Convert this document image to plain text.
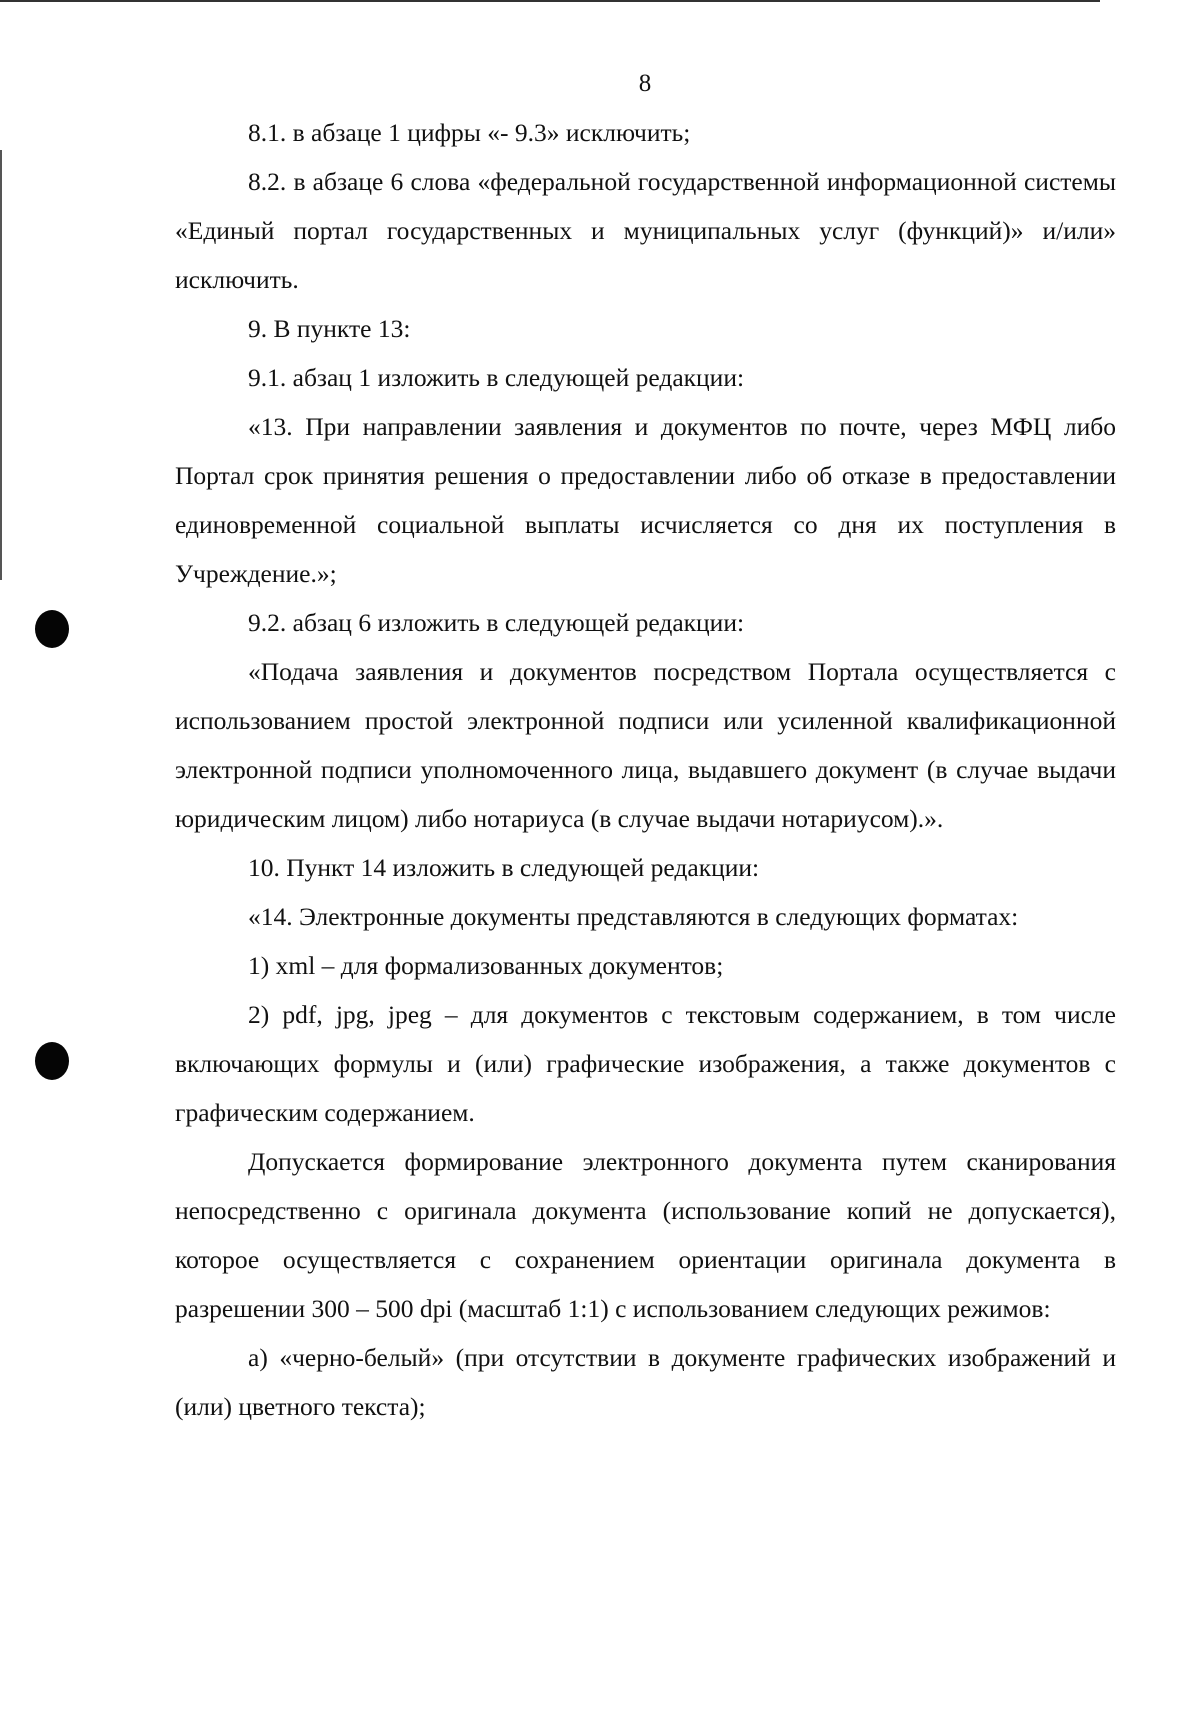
8

8.1. в абзаце 1 цифры «- 9.3» исключить;

8.2. в абзаце 6 слова «федеральной государственной информационной системы «Единый портал государственных и муниципальных услуг (функций)» и/или» исключить.

9. В пункте 13:

9.1. абзац 1 изложить в следующей редакции:

«13. При направлении заявления и документов по почте, через МФЦ либо Портал срок принятия решения о предоставлении либо об отказе в предоставлении единовременной социальной выплаты исчисляется со дня их поступления в Учреждение.»;

9.2. абзац 6 изложить в следующей редакции:

«Подача заявления и документов посредством Портала осуществляется с использованием простой электронной подписи или усиленной квалификационной электронной подписи уполномоченного лица, выдавшего документ (в случае выдачи юридическим лицом) либо нотариуса (в случае выдачи нотариусом).».

10. Пункт 14 изложить в следующей редакции:

«14. Электронные документы представляются в следующих форматах:

1) xml – для формализованных документов;

2) pdf, jpg, jpeg – для документов с текстовым содержанием, в том числе включающих формулы и (или) графические изображения, а также документов с графическим содержанием.

Допускается формирование электронного документа путем сканирования непосредственно с оригинала документа (использование копий не допускается), которое осуществляется с сохранением ориентации оригинала документа в разрешении 300 – 500 dpi (масштаб 1:1) с использованием следующих режимов:

а) «черно-белый» (при отсутствии в документе графических изображений и (или) цветного текста);
